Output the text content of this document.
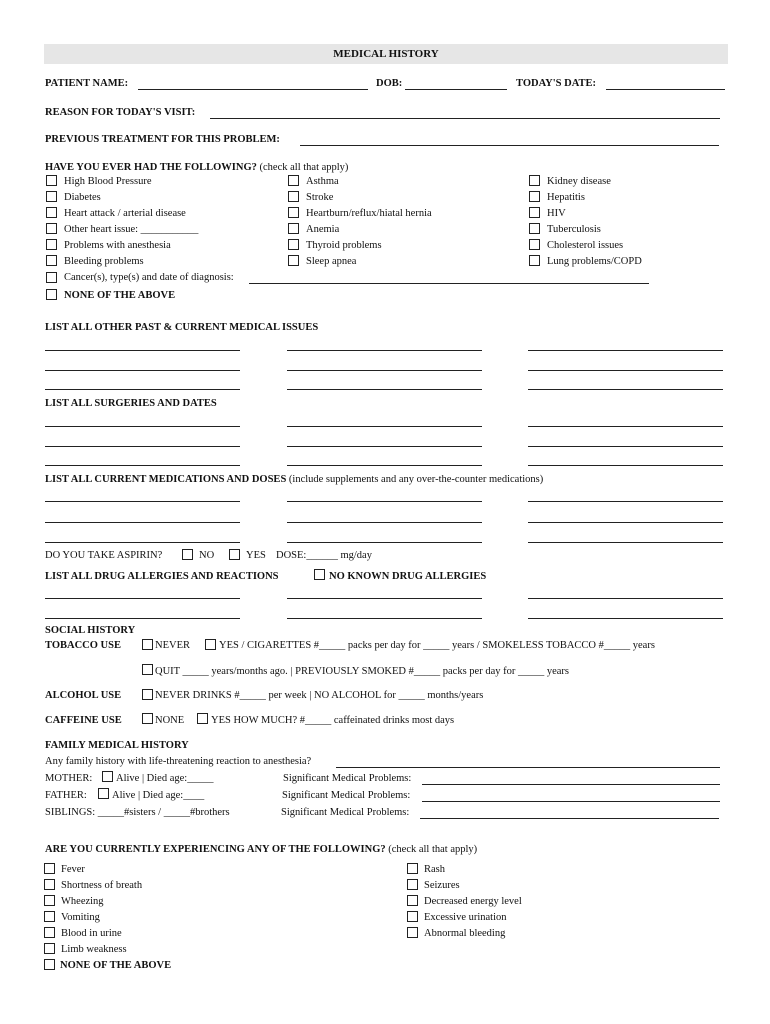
MEDICAL HISTORY
PATIENT NAME:	DOB:	TODAY'S DATE:
REASON FOR TODAY'S VISIT:
PREVIOUS TREATMENT FOR THIS PROBLEM:
HAVE YOU EVER HAD THE FOLLOWING? (check all that apply)
High Blood Pressure
Diabetes
Heart attack / arterial disease
Other heart issue: ___________
Problems with anesthesia
Bleeding problems
Asthma
Stroke
Heartburn/reflux/hiatal hernia
Anemia
Thyroid problems
Sleep apnea
Kidney disease
Hepatitis
HIV
Tuberculosis
Cholesterol issues
Lung problems/COPD
Cancer(s), type(s) and date of diagnosis:
NONE OF THE ABOVE
LIST ALL OTHER PAST & CURRENT MEDICAL ISSUES
LIST ALL SURGERIES AND DATES
LIST ALL CURRENT MEDICATIONS AND DOSES (include supplements and any over-the-counter medications)
DO YOU TAKE ASPIRIN?	NO	YES DOSE:______ mg/day
LIST ALL DRUG ALLERGIES AND REACTIONS	NO KNOWN DRUG ALLERGIES
SOCIAL HISTORY
TOBACCO USE	NEVER	YES / CIGARETTES #_____ packs per day for _____ years / SMOKELESS TOBACCO #_____ years
QUIT _____ years/months ago. | PREVIOUSLY SMOKED #_____ packs per day for _____ years
ALCOHOL USE	NEVER DRINKS #_____ per week | NO ALCOHOL for _____ months/years
CAFFEINE USE	NONE	YES HOW MUCH? #_____ caffeinated drinks most days
FAMILY MEDICAL HISTORY
Any family history with life-threatening reaction to anesthesia?
MOTHER: Alive | Died age:_____	Significant Medical Problems:
FATHER: Alive | Died age:____	Significant Medical Problems:
SIBLINGS: _____#sisters / _____#brothers	Significant Medical Problems:
ARE YOU CURRENTLY EXPERIENCING ANY OF THE FOLLOWING? (check all that apply)
Fever
Shortness of breath
Wheezing
Vomiting
Blood in urine
Limb weakness
Rash
Seizures
Decreased energy level
Excessive urination
Abnormal bleeding
NONE OF THE ABOVE
